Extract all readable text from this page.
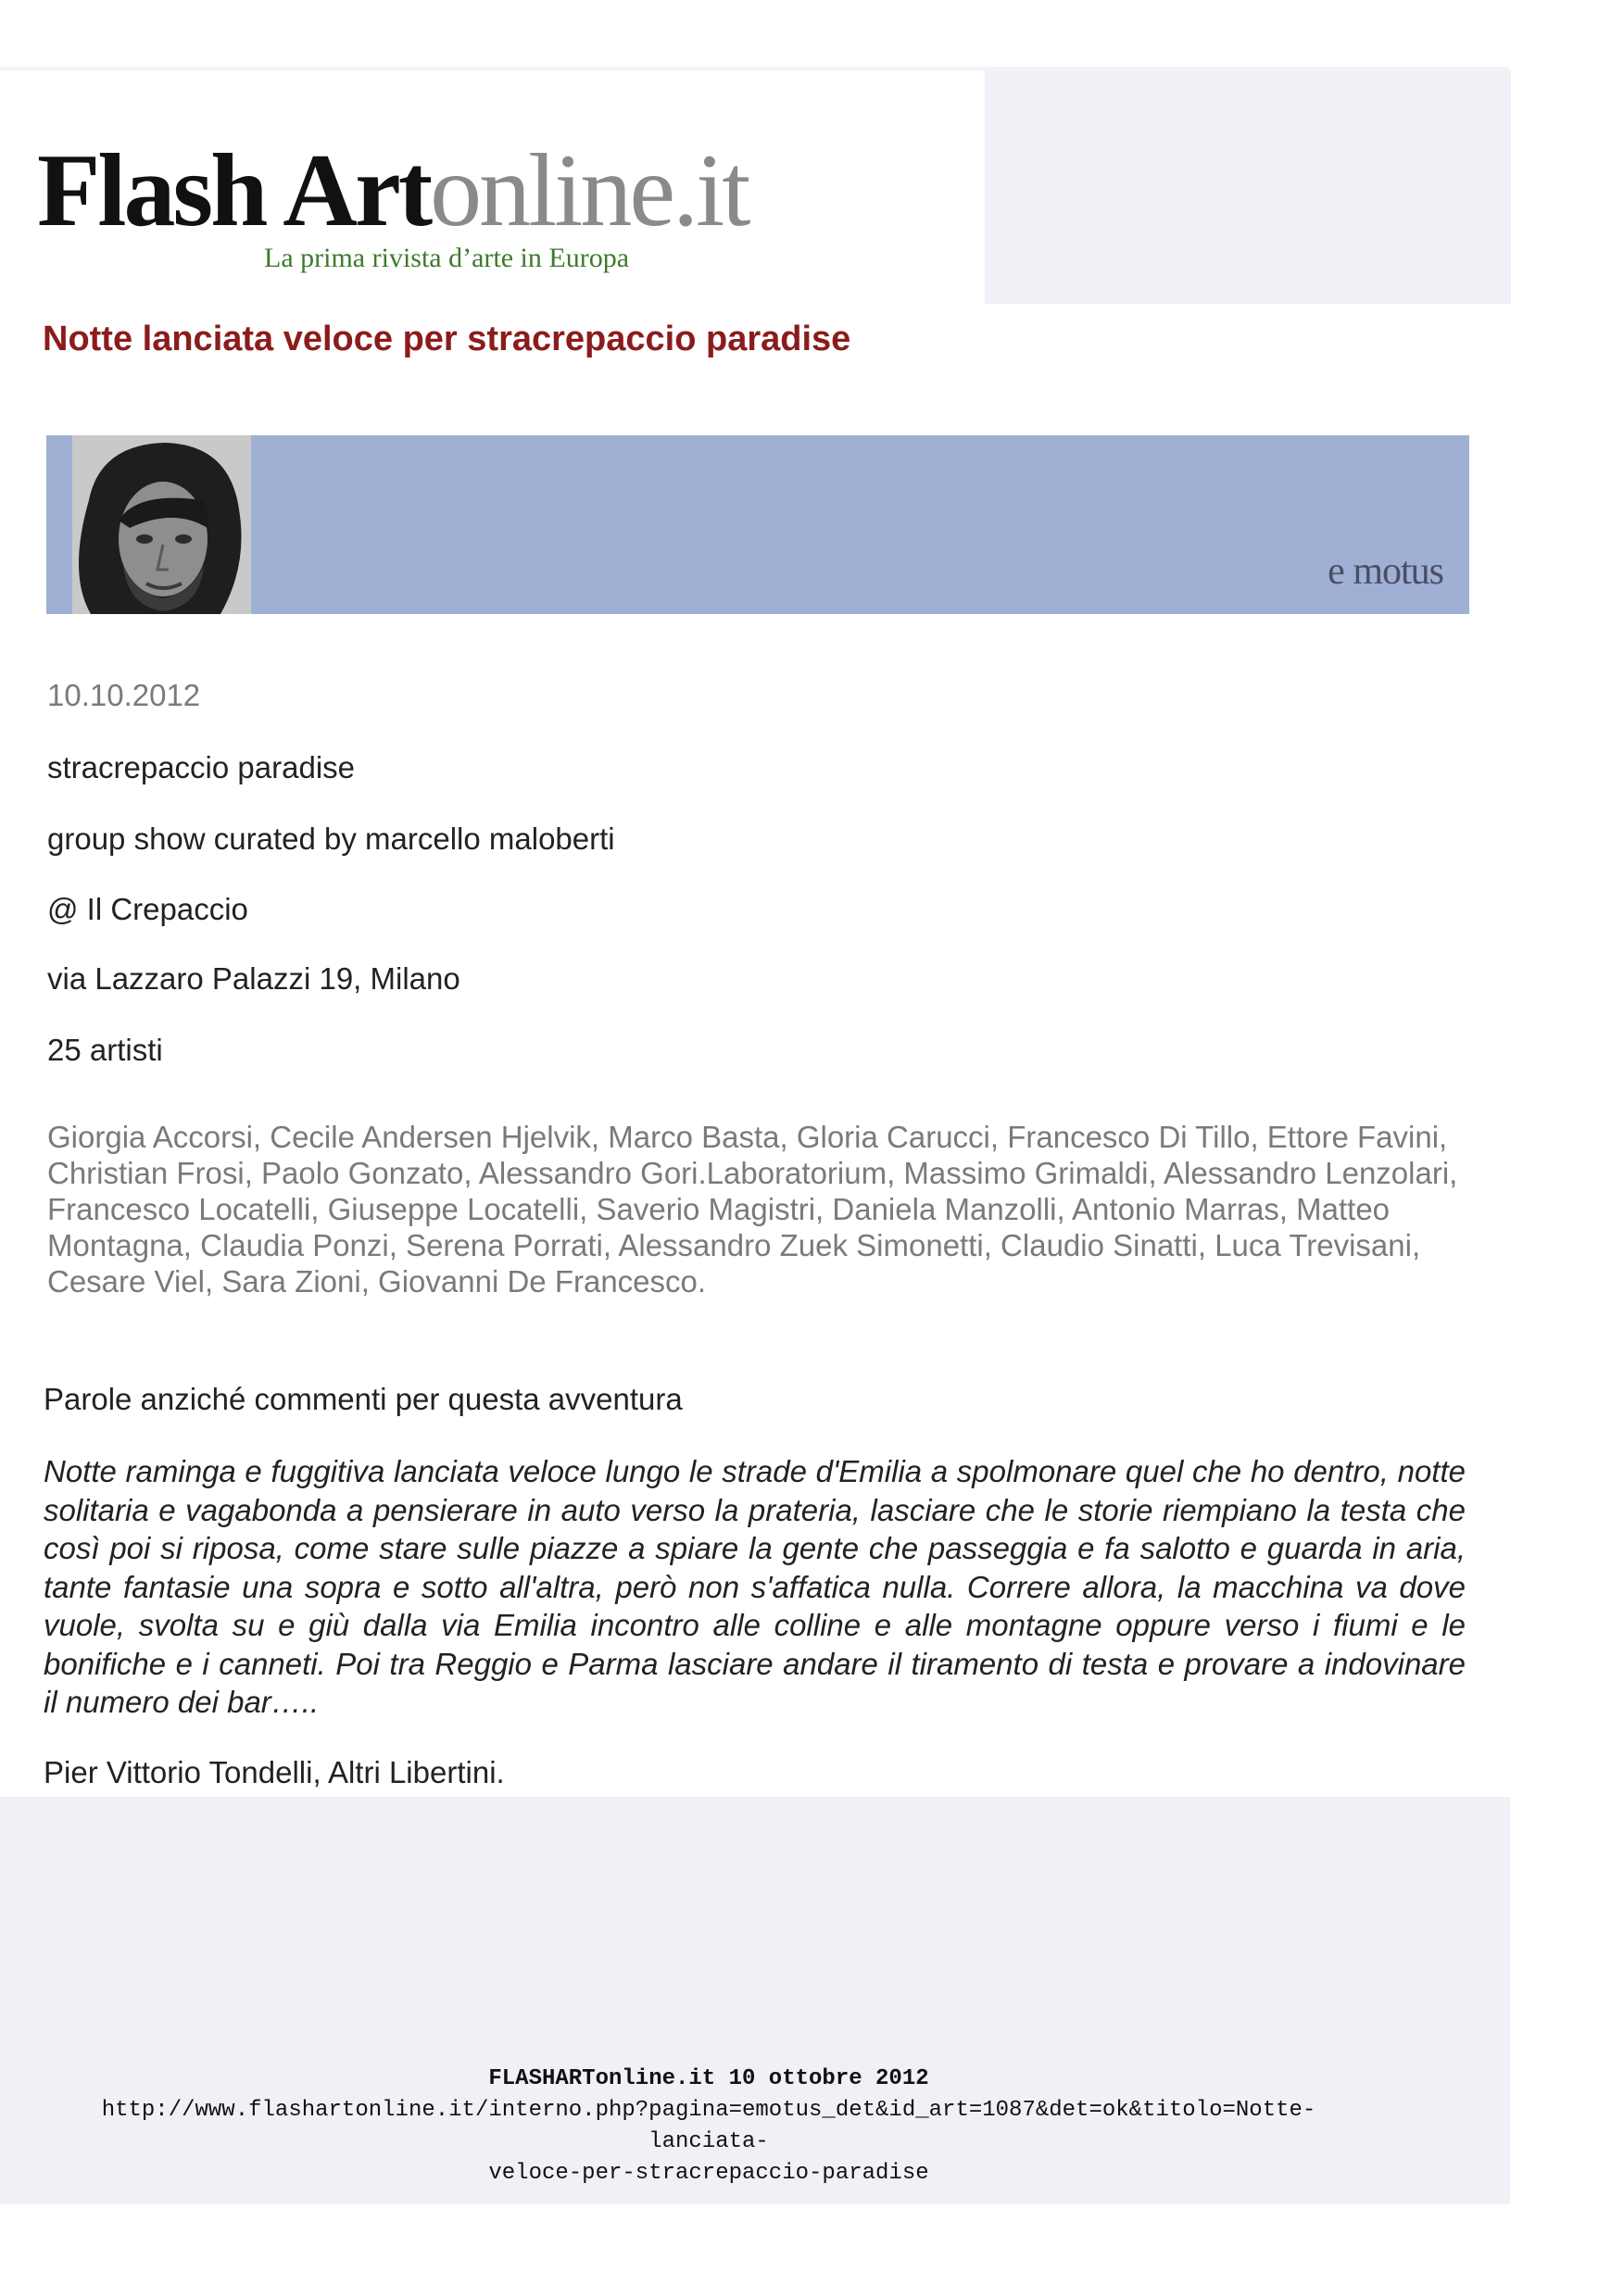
Flash Artonline.it
La prima rivista d’arte in Europa
Notte lanciata veloce per stracrepaccio paradise
e motus
10.10.2012
stracrepaccio paradise
group show curated by marcello maloberti
@ Il Crepaccio
via Lazzaro Palazzi 19, Milano
25 artisti
Giorgia Accorsi, Cecile Andersen Hjelvik, Marco Basta, Gloria Carucci, Francesco Di Tillo, Ettore Favini, Christian Frosi, Paolo Gonzato, Alessandro Gori.Laboratorium, Massimo Grimaldi, Alessandro Lenzolari, Francesco Locatelli, Giuseppe Locatelli, Saverio Magistri, Daniela Manzolli, Antonio Marras, Matteo Montagna, Claudia Ponzi, Serena Porrati, Alessandro Zuek Simonetti, Claudio Sinatti, Luca Trevisani, Cesare Viel, Sara Zioni, Giovanni De Francesco.
Parole anziché commenti per questa avventura
Notte raminga e fuggitiva lanciata veloce lungo le strade d'Emilia a spolmonare quel che ho dentro, notte solitaria e vagabonda a pensierare in auto verso la prateria, lasciare che le storie riempiano la testa che così poi si riposa, come stare sulle piazze a spiare la gente che passeggia e fa salotto e guarda in aria, tante fantasie una sopra e sotto all'altra, però non s'affatica nulla. Correre allora, la macchina va dove vuole, svolta su e giù dalla via Emilia incontro alle colline e alle montagne oppure verso i fiumi e le bonifiche e i canneti. Poi tra Reggio e Parma lasciare andare il tiramento di testa e provare a indovinare il numero dei bar…..
Pier Vittorio Tondelli, Altri Libertini.
FLASHARTonline.it 10 ottobre 2012
http://www.flashartonline.it/interno.php?pagina=emotus_det&id_art=1087&det=ok&titolo=Notte-
lanciata-
veloce-per-stracrepaccio-paradise
